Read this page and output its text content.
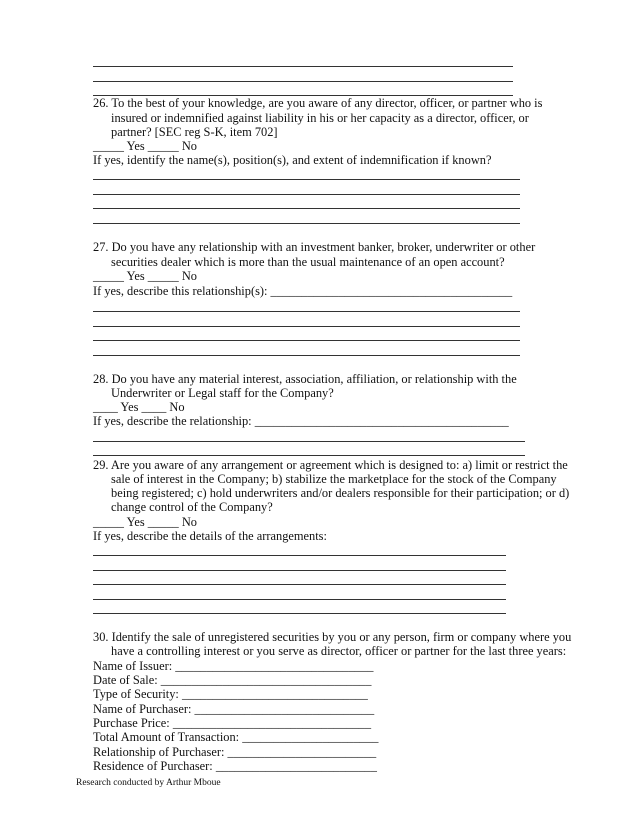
26. To the best of your knowledge, are you aware of any director, officer, or partner who is
insured or indemnified against liability in his or her capacity as a director, officer, or
partner? [SEC reg S-K, item 702]
_____ Yes _____ No
If yes, identify the name(s), position(s), and extent of indemnification if known?
27. Do you have any relationship with an investment banker, broker, underwriter or other
securities dealer which is more than the usual maintenance of an open account?
_____ Yes _____ No
If yes, describe this relationship(s): _______________________________________
28. Do you have any material interest, association, affiliation, or relationship with the
Underwriter or Legal staff for the Company?
____ Yes ____ No
If yes, describe the relationship: _________________________________________
29. Are you aware of any arrangement or agreement which is designed to: a) limit or restrict the
sale of interest in the Company; b) stabilize the marketplace for the stock of the Company
being registered; c) hold underwriters and/or dealers responsible for their participation; or d)
change control of the Company?
_____ Yes _____ No
If yes, describe the details of the arrangements:
30. Identify the sale of unregistered securities by you or any person, firm or company where you
have a controlling interest or you serve as director, officer or partner for the last three years:
Name of Issuer: ________________________________
Date of Sale: __________________________________
Type of Security: ______________________________
Name of Purchaser: _____________________________
Purchase Price: ________________________________
Total Amount of Transaction: ______________________
Relationship of Purchaser: ________________________
Residence of Purchaser: __________________________
Research conducted by Arthur Mboue
